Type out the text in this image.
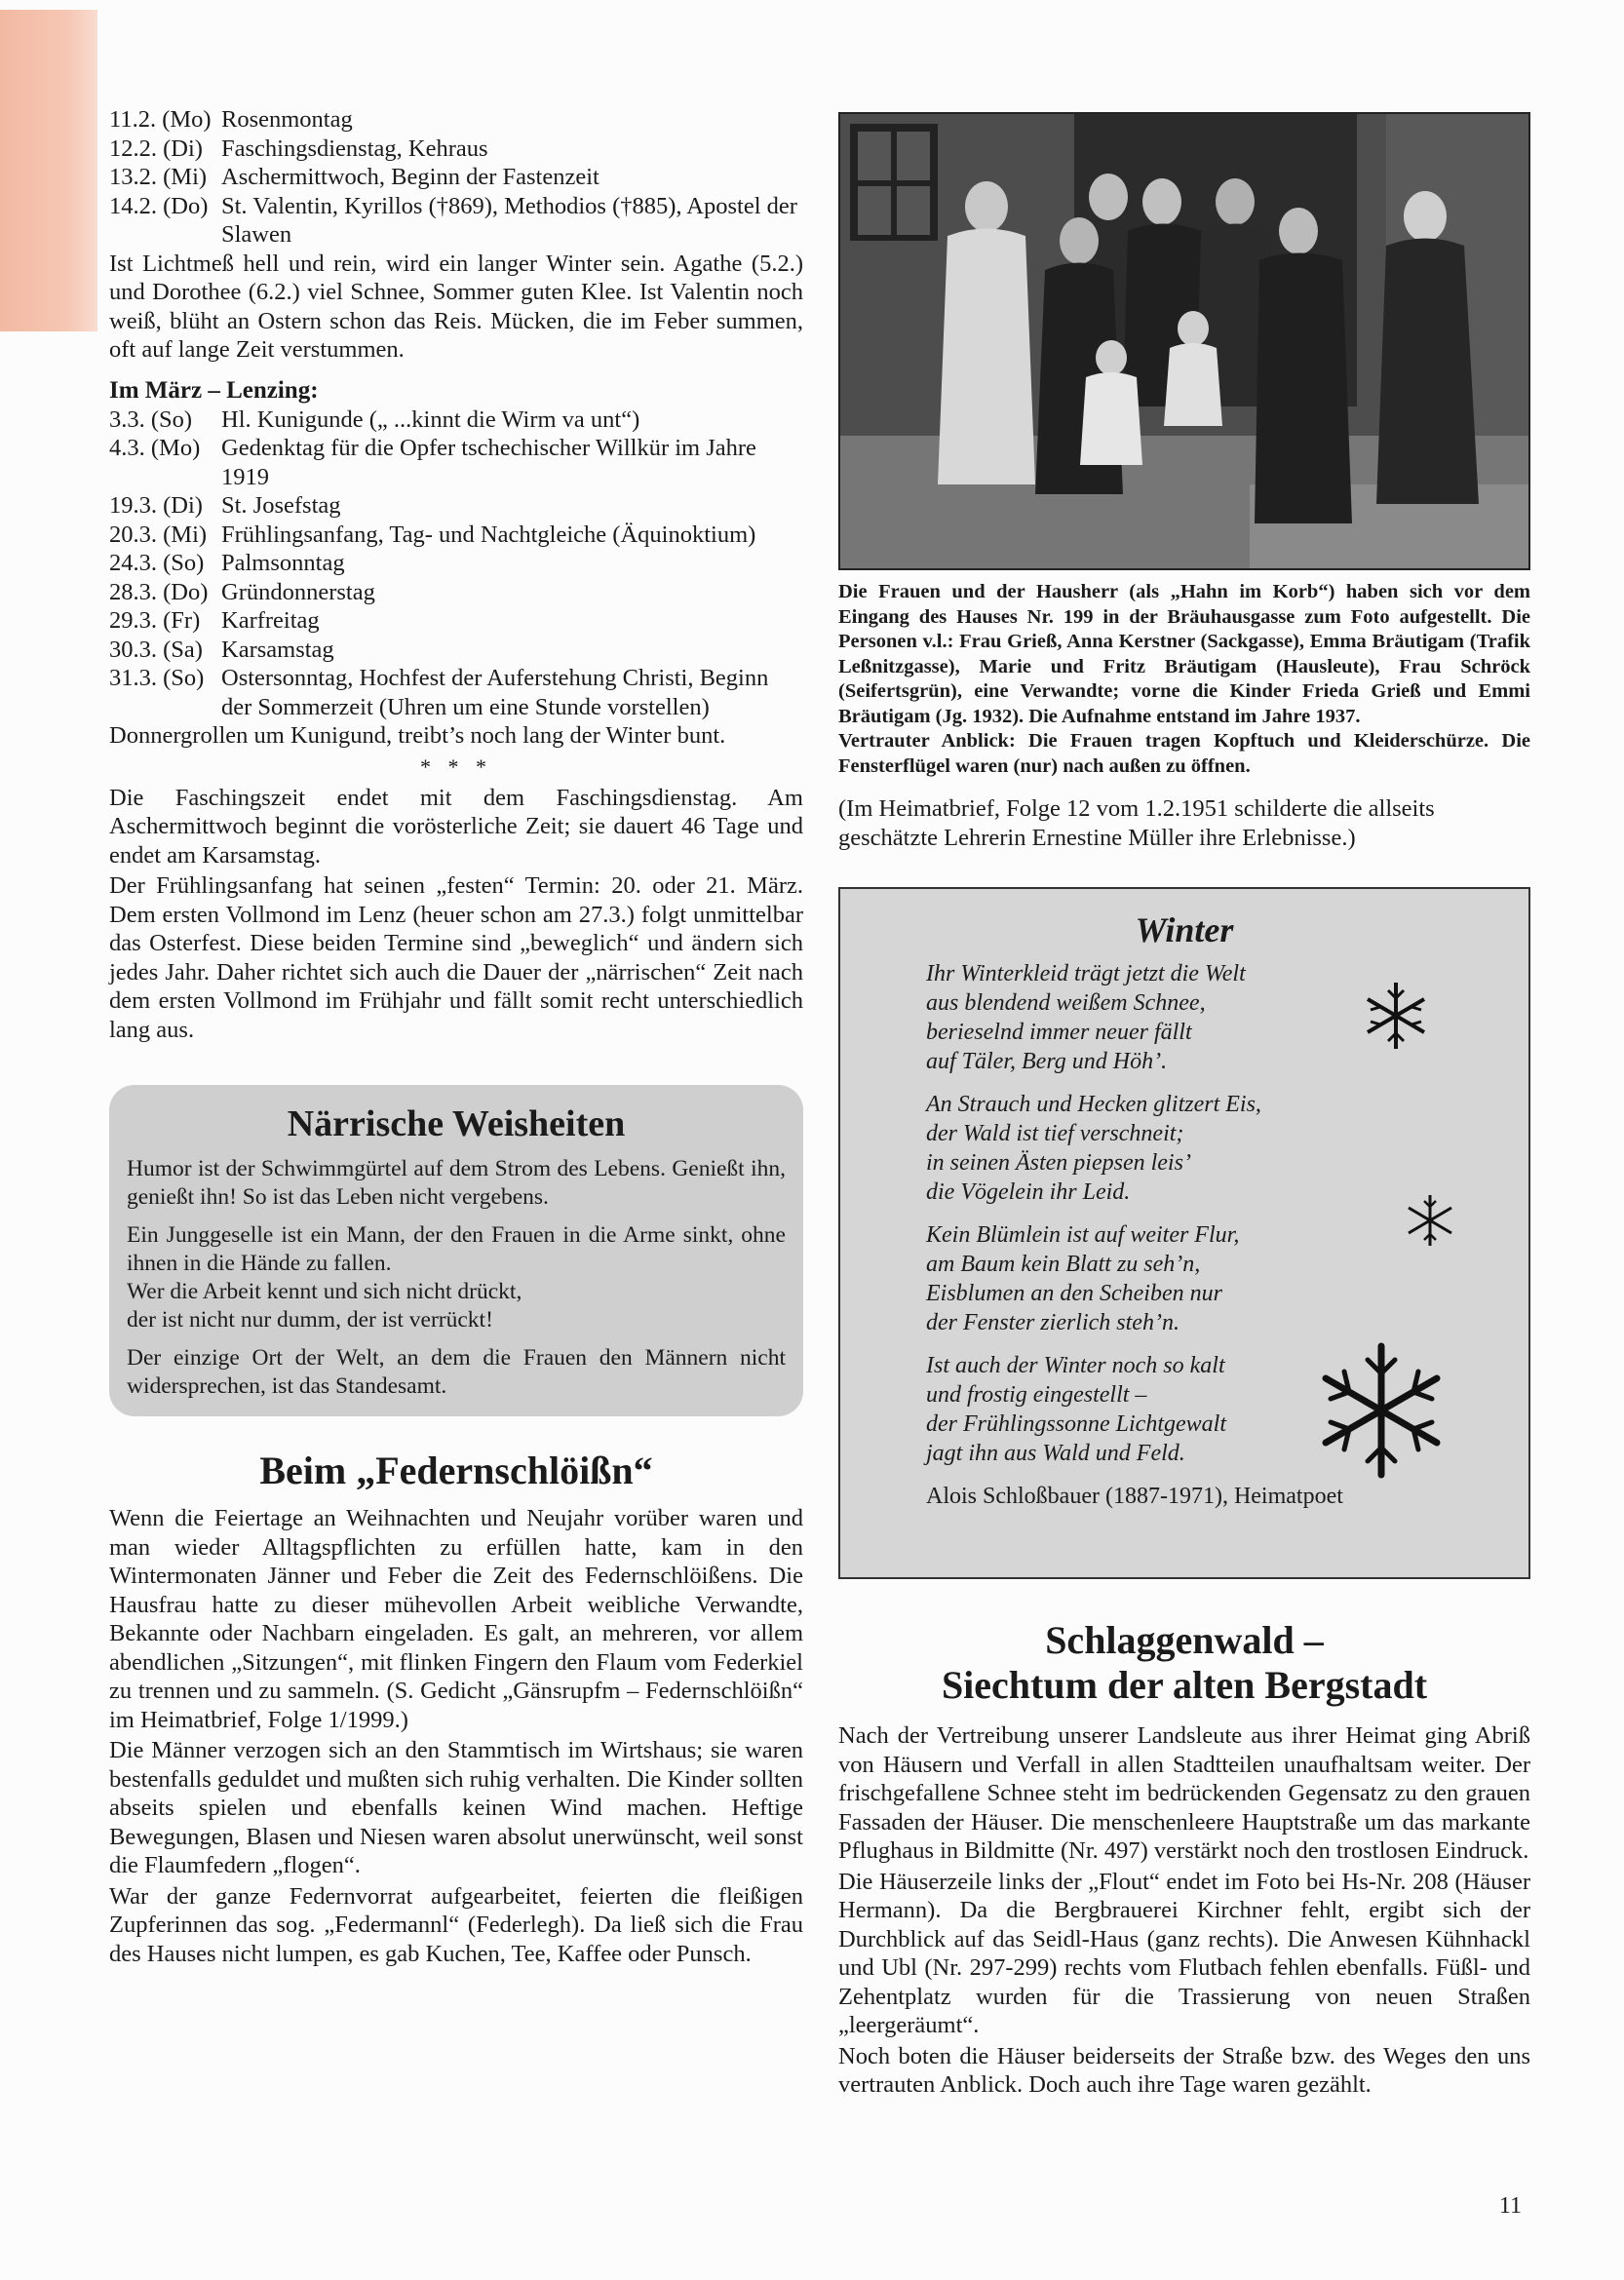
11.2. (Mo) Rosenmontag
12.2. (Di) Faschingsdienstag, Kehraus
13.2. (Mi) Aschermittwoch, Beginn der Fastenzeit
14.2. (Do) St. Valentin, Kyrillos (†869), Methodios (†885), Apostel der Slawen

Ist Lichtmeß hell und rein, wird ein langer Winter sein. Agathe (5.2.) und Dorothee (6.2.) viel Schnee, Sommer guten Klee. Ist Valentin noch weiß, blüht an Ostern schon das Reis. Mücken, die im Feber summen, oft auf lange Zeit verstummen.

Im März – Lenzing:
3.3. (So)	Hl. Kunigunde („ ...kinnt die Wirm va unt“)
4.3. (Mo) Gedenktag für die Opfer tschechischer Willkür im Jahre 1919
19.3. (Di) St. Josefstag
20.3. (Mi) Frühlingsanfang, Tag- und Nachtgleiche (Äquinoktium)
24.3. (So) Palmsonntag
28.3. (Do) Gründonnerstag
29.3. (Fr) Karfreitag
30.3. (Sa) Karsamstag
31.3. (So) Ostersonntag, Hochfest der Auferstehung Christi, Beginn der Sommerzeit (Uhren um eine Stunde vorstellen)

Donnergrollen um Kunigund, treibt’s noch lang der Winter bunt.

* * *

Die Faschingszeit endet mit dem Faschingsdienstag. Am Aschermittwoch beginnt die vorösterliche Zeit; sie dauert 46 Tage und endet am Karsamstag.

Der Frühlingsanfang hat seinen „festen“ Termin: 20. oder 21. März. Dem ersten Vollmond im Lenz (heuer schon am 27.3.) folgt unmittelbar das Osterfest. Diese beiden Termine sind „beweglich“ und ändern sich jedes Jahr. Daher richtet sich auch die Dauer der „närrischen“ Zeit nach dem ersten Vollmond im Frühjahr und fällt somit recht unterschiedlich lang aus.

Närrische Weisheiten

Humor ist der Schwimmgürtel auf dem Strom des Lebens. Genießt ihn, genießt ihn! So ist das Leben nicht vergebens.

Ein Junggeselle ist ein Mann, der den Frauen in die Arme sinkt, ohne ihnen in die Hände zu fallen.

Wer die Arbeit kennt und sich nicht drückt,

der ist nicht nur dumm, der ist verrückt!

Der einzige Ort der Welt, an dem die Frauen den Männern nicht widersprechen, ist das Standesamt.

Beim „Federnschlöißn“

Wenn die Feiertage an Weihnachten und Neujahr vorüber waren und man wieder Alltagspflichten zu erfüllen hatte, kam in den Wintermonaten Jänner und Feber die Zeit des Federnschlöißens. Die Hausfrau hatte zu dieser mühevollen Arbeit weibliche Verwandte, Bekannte oder Nachbarn eingeladen. Es galt, an mehreren, vor allem abendlichen „Sitzungen“, mit flinken Fingern den Flaum vom Federkiel zu trennen und zu sammeln. (S. Gedicht „Gänsrupfm – Federnschlöißn“ im Heimatbrief, Folge 1/1999.)

Die Männer verzogen sich an den Stammtisch im Wirtshaus; sie waren bestenfalls geduldet und mußten sich ruhig verhalten. Die Kinder sollten abseits spielen und ebenfalls keinen Wind machen. Heftige Bewegungen, Blasen und Niesen waren absolut unerwünscht, weil sonst die Flaumfedern „flogen“.

War der ganze Federnvorrat aufgearbeitet, feierten die fleißigen Zupferinnen das sog. „Federmannl“ (Federlegh). Da ließ sich die Frau des Hauses nicht lumpen, es gab Kuchen, Tee, Kaffee oder Punsch.

Die Frauen und der Hausherr (als „Hahn im Korb“) haben sich vor dem Eingang des Hauses Nr. 199 in der Bräuhausgasse zum Foto aufgestellt. Die Personen v.l.: Frau Grieß, Anna Kerstner (Sackgasse), Emma Bräutigam (Trafik Leßnitzgasse), Marie und Fritz Bräutigam (Hausleute), Frau Schröck (Seifertsgrün), eine Verwandte; vorne die Kinder Frieda Grieß und Emmi Bräutigam (Jg. 1932). Die Aufnahme entstand im Jahre 1937.

Vertrauter Anblick: Die Frauen tragen Kopftuch und Kleiderschürze. Die Fensterflügel waren (nur) nach außen zu öffnen.

(Im Heimatbrief, Folge 12 vom 1.2.1951 schilderte die allseits geschätzte Lehrerin Ernestine Müller ihre Erlebnisse.)

Winter

Ihr Winterkleid trägt jetzt die Welt

aus blendend weißem Schnee,

berieselnd immer neuer fällt

auf Täler, Berg und Höh’.

An Strauch und Hecken glitzert Eis,

der Wald ist tief verschneit;

in seinen Ästen piepsen leis’

die Vögelein ihr Leid.

Kein Blümlein ist auf weiter Flur,

am Baum kein Blatt zu seh’n,

Eisblumen an den Scheiben nur

der Fenster zierlich steh’n.

Ist auch der Winter noch so kalt

und frostig eingestellt –

der Frühlingssonne Lichtgewalt

jagt ihn aus Wald und Feld.

Alois Schloßbauer (1887-1971), Heimatpoet

Schlaggenwald –
Siechtum der alten Bergstadt

Nach der Vertreibung unserer Landsleute aus ihrer Heimat ging Abriß von Häusern und Verfall in allen Stadtteilen unaufhaltsam weiter. Der frischgefallene Schnee steht im bedrückenden Gegensatz zu den grauen Fassaden der Häuser. Die menschenleere Hauptstraße um das markante Pflughaus in Bildmitte (Nr. 497) verstärkt noch den trostlosen Eindruck.

Die Häuserzeile links der „Flout“ endet im Foto bei Hs-Nr. 208 (Häuser Hermann). Da die Bergbrauerei Kirchner fehlt, ergibt sich der Durchblick auf das Seidl-Haus (ganz rechts). Die Anwesen Kühnhackl und Ubl (Nr. 297-299) rechts vom Flutbach fehlen ebenfalls. Füßl- und Zehentplatz wurden für die Trassierung von neuen Straßen „leergeräumt“.

Noch boten die Häuser beiderseits der Straße bzw. des Weges den uns vertrauten Anblick. Doch auch ihre Tage waren gezählt.

11
